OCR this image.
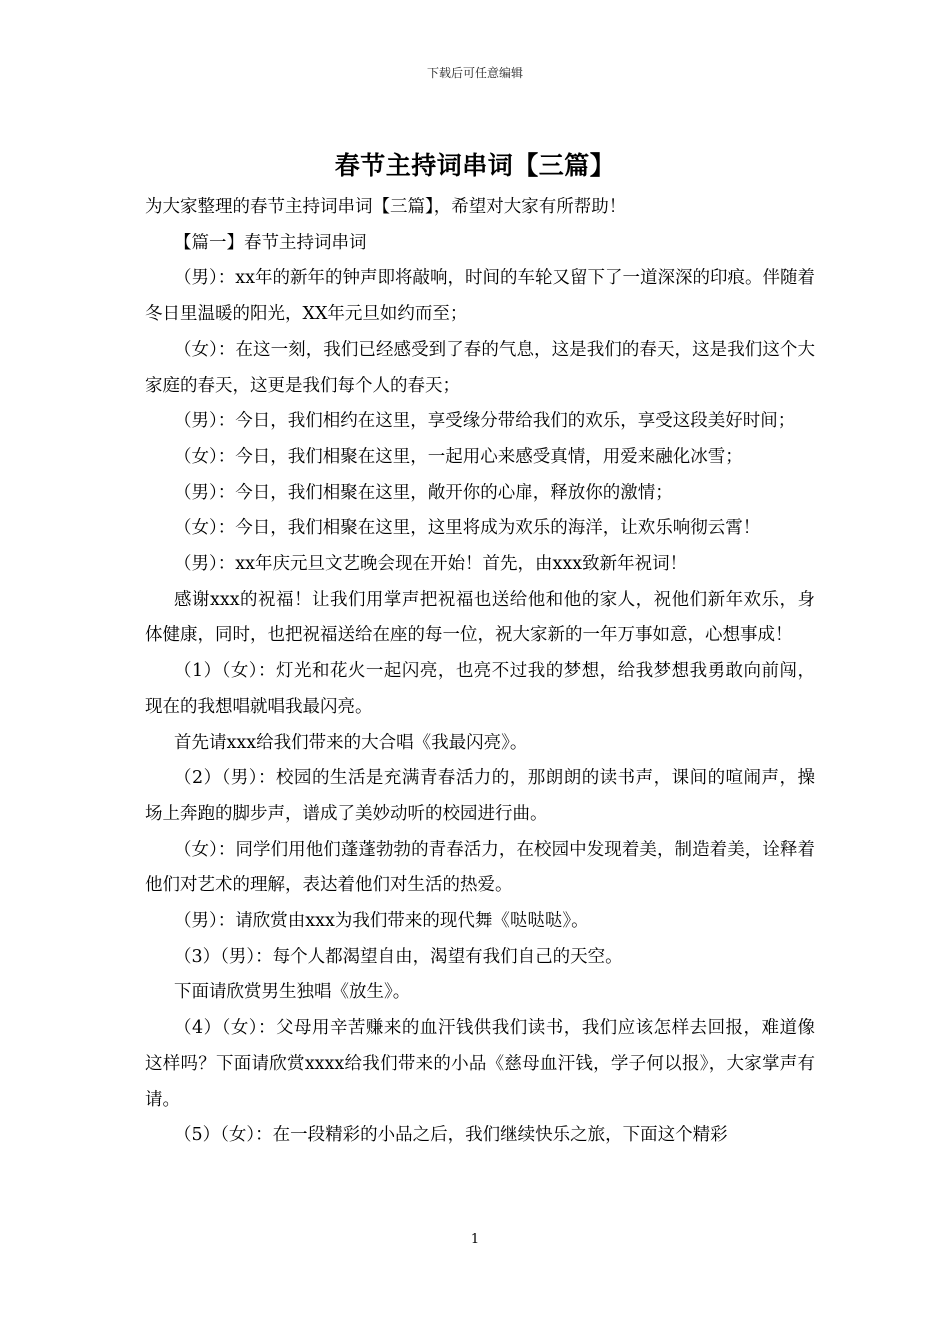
下载后可任意编辑
春节主持词串词【三篇】

为大家整理的春节主持词串词【三篇】，希望对大家有所帮助！

【篇一】春节主持词串词

（男）：xx年的新年的钟声即将敲响，时间的车轮又留下了一道深深的印痕。伴随着冬日里温暖的阳光，XX年元旦如约而至；

（女）：在这一刻，我们已经感受到了春的气息，这是我们的春天，这是我们这个大家庭的春天，这更是我们每个人的春天；

（男）：今日，我们相约在这里，享受缘分带给我们的欢乐，享受这段美好时间；

（女）：今日，我们相聚在这里，一起用心来感受真情，用爱来融化冰雪；

（男）：今日，我们相聚在这里，敞开你的心扉，释放你的激情；

（女）：今日，我们相聚在这里，这里将成为欢乐的海洋，让欢乐响彻云霄！

（男）：xx年庆元旦文艺晚会现在开始！首先，由xxx致新年祝词！

感谢xxx的祝福！让我们用掌声把祝福也送给他和他的家人，祝他们新年欢乐，身体健康，同时，也把祝福送给在座的每一位，祝大家新的一年万事如意，心想事成！

（1）（女）：灯光和花火一起闪亮，也亮不过我的梦想，给我梦想我勇敢向前闯，现在的我想唱就唱我最闪亮。

首先请xxx给我们带来的大合唱《我最闪亮》。

（2）（男）：校园的生活是充满青春活力的，那朗朗的读书声，课间的喧闹声，操场上奔跑的脚步声，谱成了美妙动听的校园进行曲。

（女）：同学们用他们蓬蓬勃勃的青春活力，在校园中发现着美，制造着美，诠释着他们对艺术的理解，表达着他们对生活的热爱。

（男）：请欣赏由xxx为我们带来的现代舞《哒哒哒》。

（3）（男）：每个人都渴望自由，渴望有我们自己的天空。

下面请欣赏男生独唱《放生》。

（4）（女）：父母用辛苦赚来的血汗钱供我们读书，我们应该怎样去回报，难道像这样吗？下面请欣赏xxxx给我们带来的小品《慈母血汗钱，学子何以报》，大家掌声有请。

（5）（女）：在一段精彩的小品之后，我们继续快乐之旅，下面这个精彩

1
